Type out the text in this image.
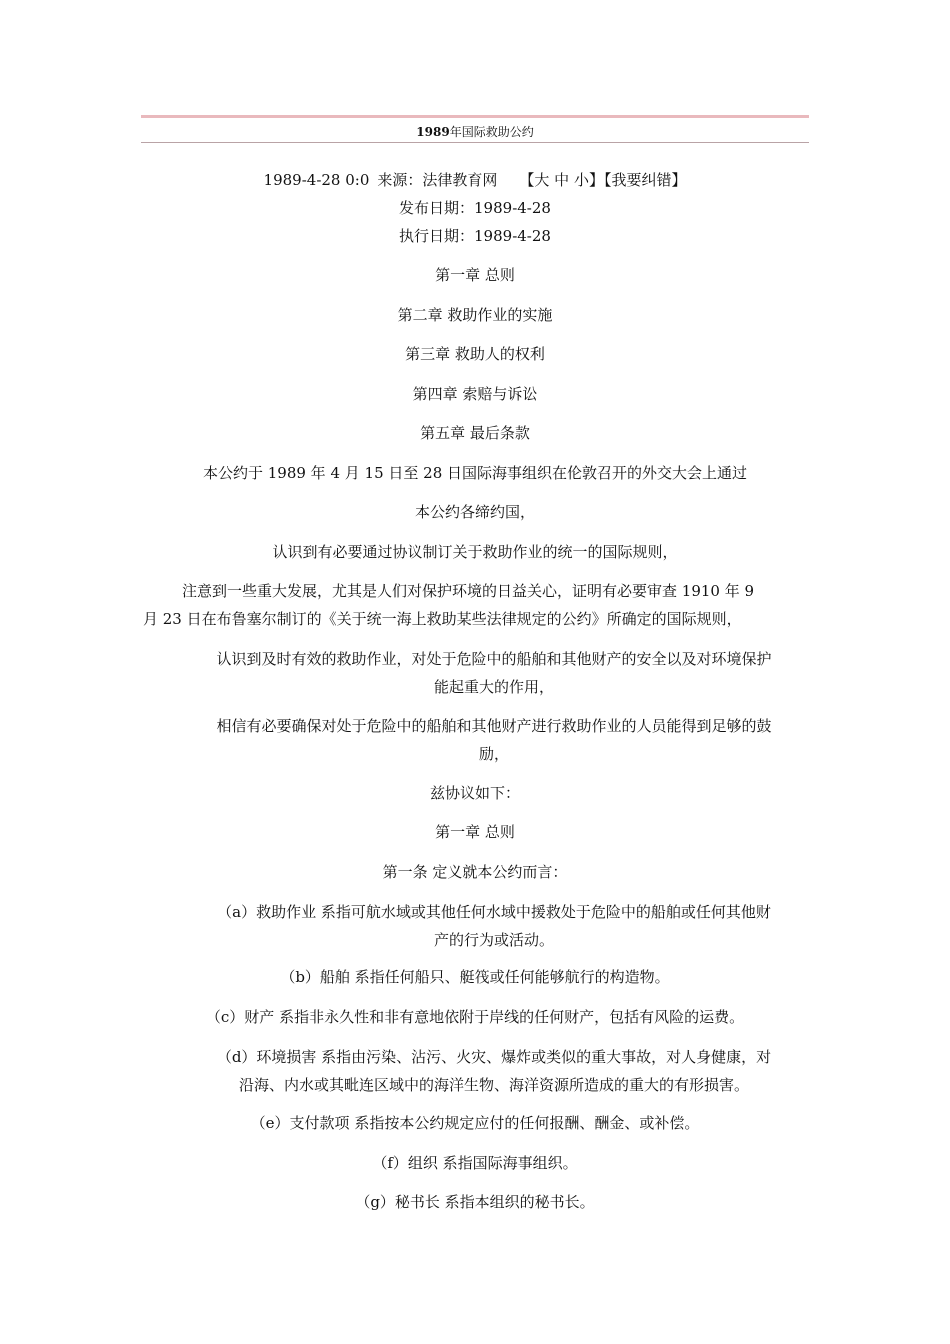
1989年国际救助公约
1989-4-28 0:0 来源：法律教育网 【大 中 小】【我要纠错】
发布日期：1989-4-28
执行日期：1989-4-28
第一章 总则
第二章 救助作业的实施
第三章 救助人的权利
第四章 索赔与诉讼
第五章 最后条款
本公约于 1989 年 4 月 15 日至 28 日国际海事组织在伦敦召开的外交大会上通过
本公约各缔约国，
认识到有必要通过协议制订关于救助作业的统一的国际规则，
注意到一些重大发展，尤其是人们对保护环境的日益关心，证明有必要审查 1910 年 9
月 23 日在布鲁塞尔制订的《关于统一海上救助某些法律规定的公约》所确定的国际规则，
认识到及时有效的救助作业，对处于危险中的船舶和其他财产的安全以及对环境保护
能起重大的作用，
相信有必要确保对处于危险中的船舶和其他财产进行救助作业的人员能得到足够的鼓
励，
兹协议如下：
第一章 总则
第一条 定义就本公约而言：
（a）救助作业 系指可航水域或其他任何水域中援救处于危险中的船舶或任何其他财
产的行为或活动。
（b）船舶 系指任何船只、艇筏或任何能够航行的构造物。
（c）财产 系指非永久性和非有意地依附于岸线的任何财产，包括有风险的运费。
（d）环境损害 系指由污染、沾污、火灾、爆炸或类似的重大事故，对人身健康，对
沿海、内水或其毗连区域中的海洋生物、海洋资源所造成的重大的有形损害。
（e）支付款项 系指按本公约规定应付的任何报酬、酬金、或补偿。
（f）组织 系指国际海事组织。
（g）秘书长 系指本组织的秘书长。
